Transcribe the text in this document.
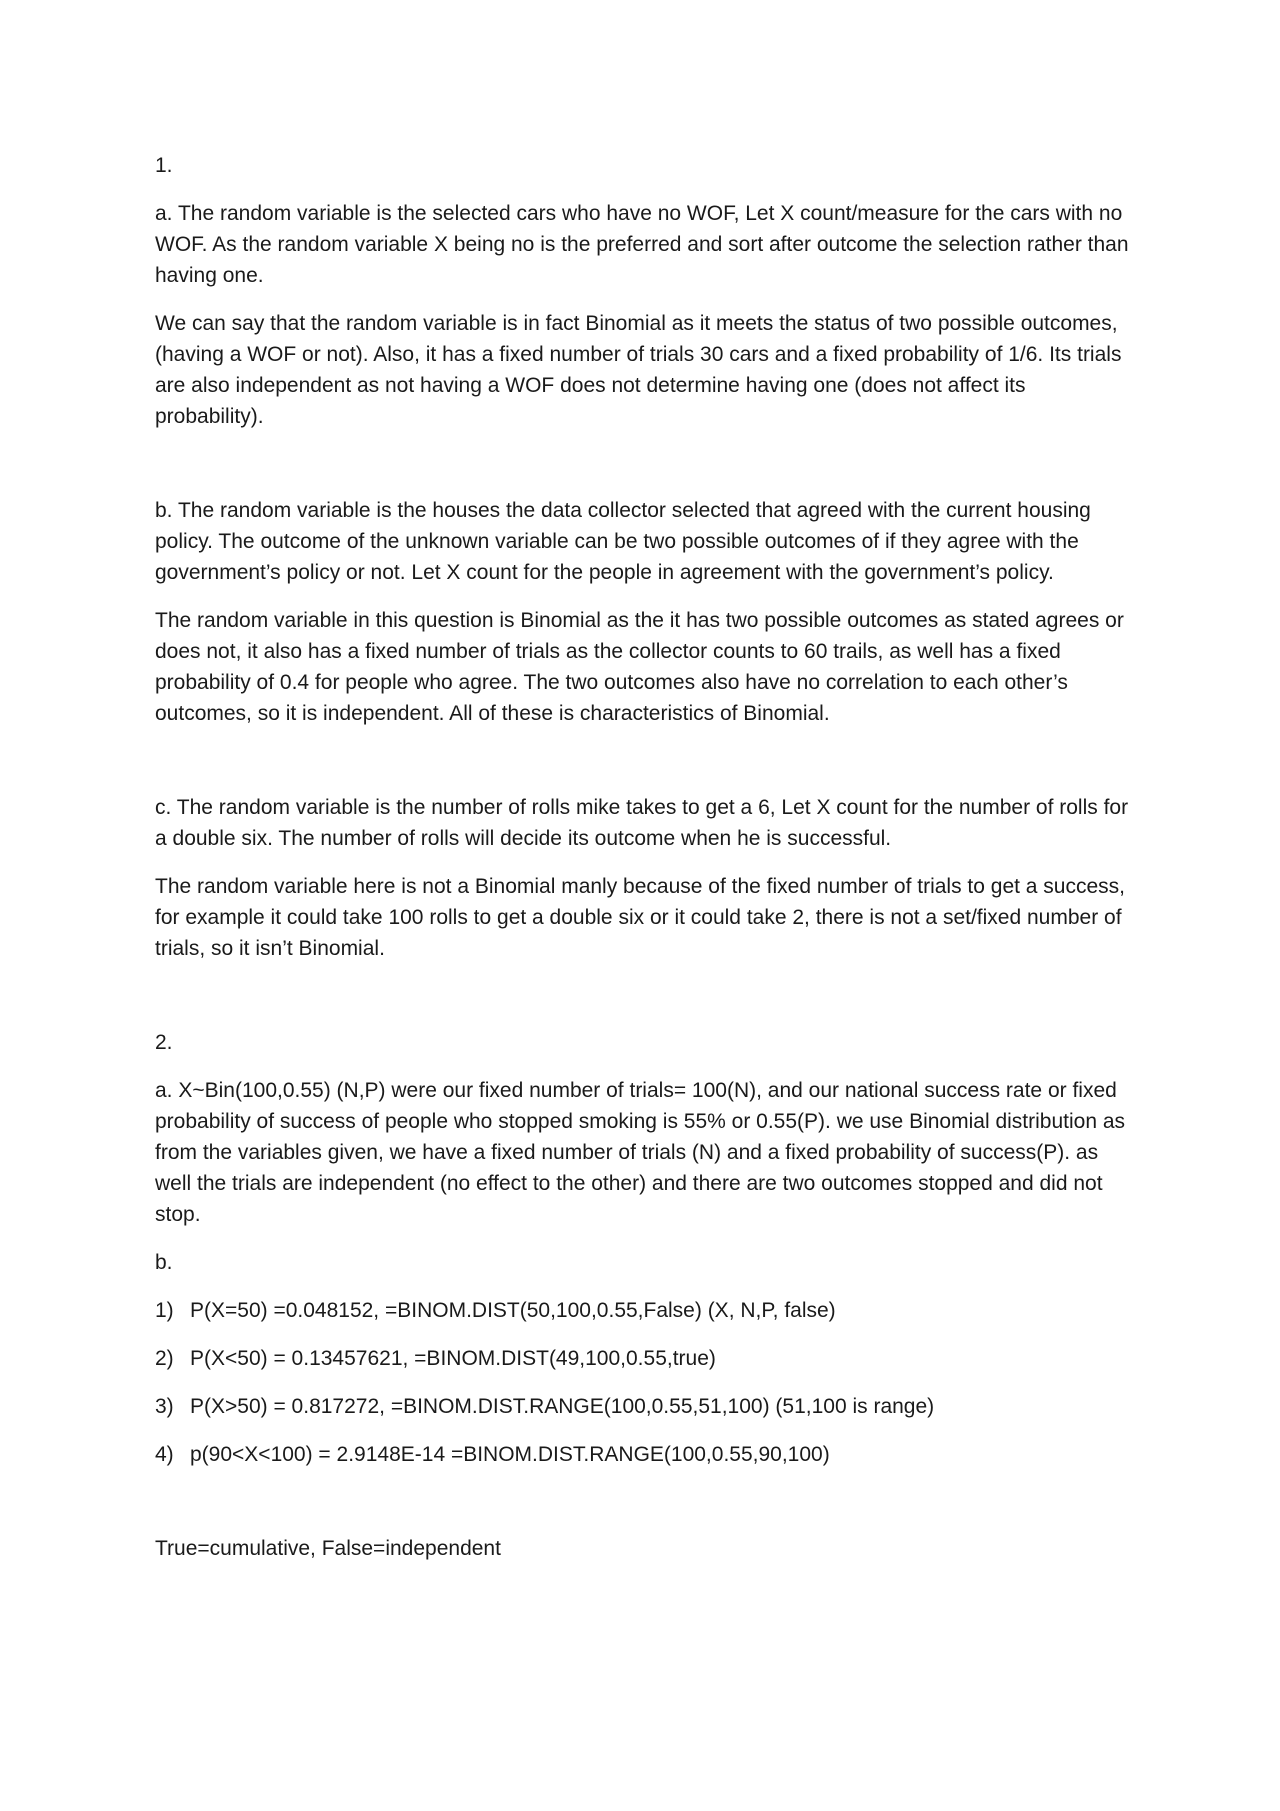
1.

a. The random variable is the selected cars who have no WOF, Let X count/measure for the cars with no WOF. As the random variable X being no is the preferred and sort after outcome the selection rather than having one.

We can say that the random variable is in fact Binomial as it meets the status of two possible outcomes, (having a WOF or not). Also, it has a fixed number of trials 30 cars and a fixed probability of 1/6. Its trials are also independent as not having a WOF does not determine having one (does not affect its probability).

b. The random variable is the houses the data collector selected that agreed with the current housing policy. The outcome of the unknown variable can be two possible outcomes of if they agree with the government’s policy or not. Let X count for the people in agreement with the government’s policy.

The random variable in this question is Binomial as the it has two possible outcomes as stated agrees or does not, it also has a fixed number of trials as the collector counts to 60 trails, as well has a fixed probability of 0.4 for people who agree. The two outcomes also have no correlation to each other’s outcomes, so it is independent. All of these is characteristics of Binomial.

c. The random variable is the number of rolls mike takes to get a 6, Let X count for the number of rolls for a double six. The number of rolls will decide its outcome when he is successful.

The random variable here is not a Binomial manly because of the fixed number of trials to get a success, for example it could take 100 rolls to get a double six or it could take 2, there is not a set/fixed number of trials, so it isn’t Binomial.

2.

a. X~Bin(100,0.55) (N,P) were our fixed number of trials= 100(N), and our national success rate or fixed probability of success of people who stopped smoking is 55% or 0.55(P). we use Binomial distribution as from the variables given, we have a fixed number of trials (N) and a fixed probability of success(P). as well the trials are independent (no effect to the other) and there are two outcomes stopped and did not stop.

b.

1) P(X=50) =0.048152, =BINOM.DIST(50,100,0.55,False) (X, N,P, false)
2) P(X<50) = 0.13457621, =BINOM.DIST(49,100,0.55,true)
3) P(X>50) = 0.817272, =BINOM.DIST.RANGE(100,0.55,51,100) (51,100 is range)
4) p(90<X<100) = 2.9148E-14 =BINOM.DIST.RANGE(100,0.55,90,100)

True=cumulative, False=independent
